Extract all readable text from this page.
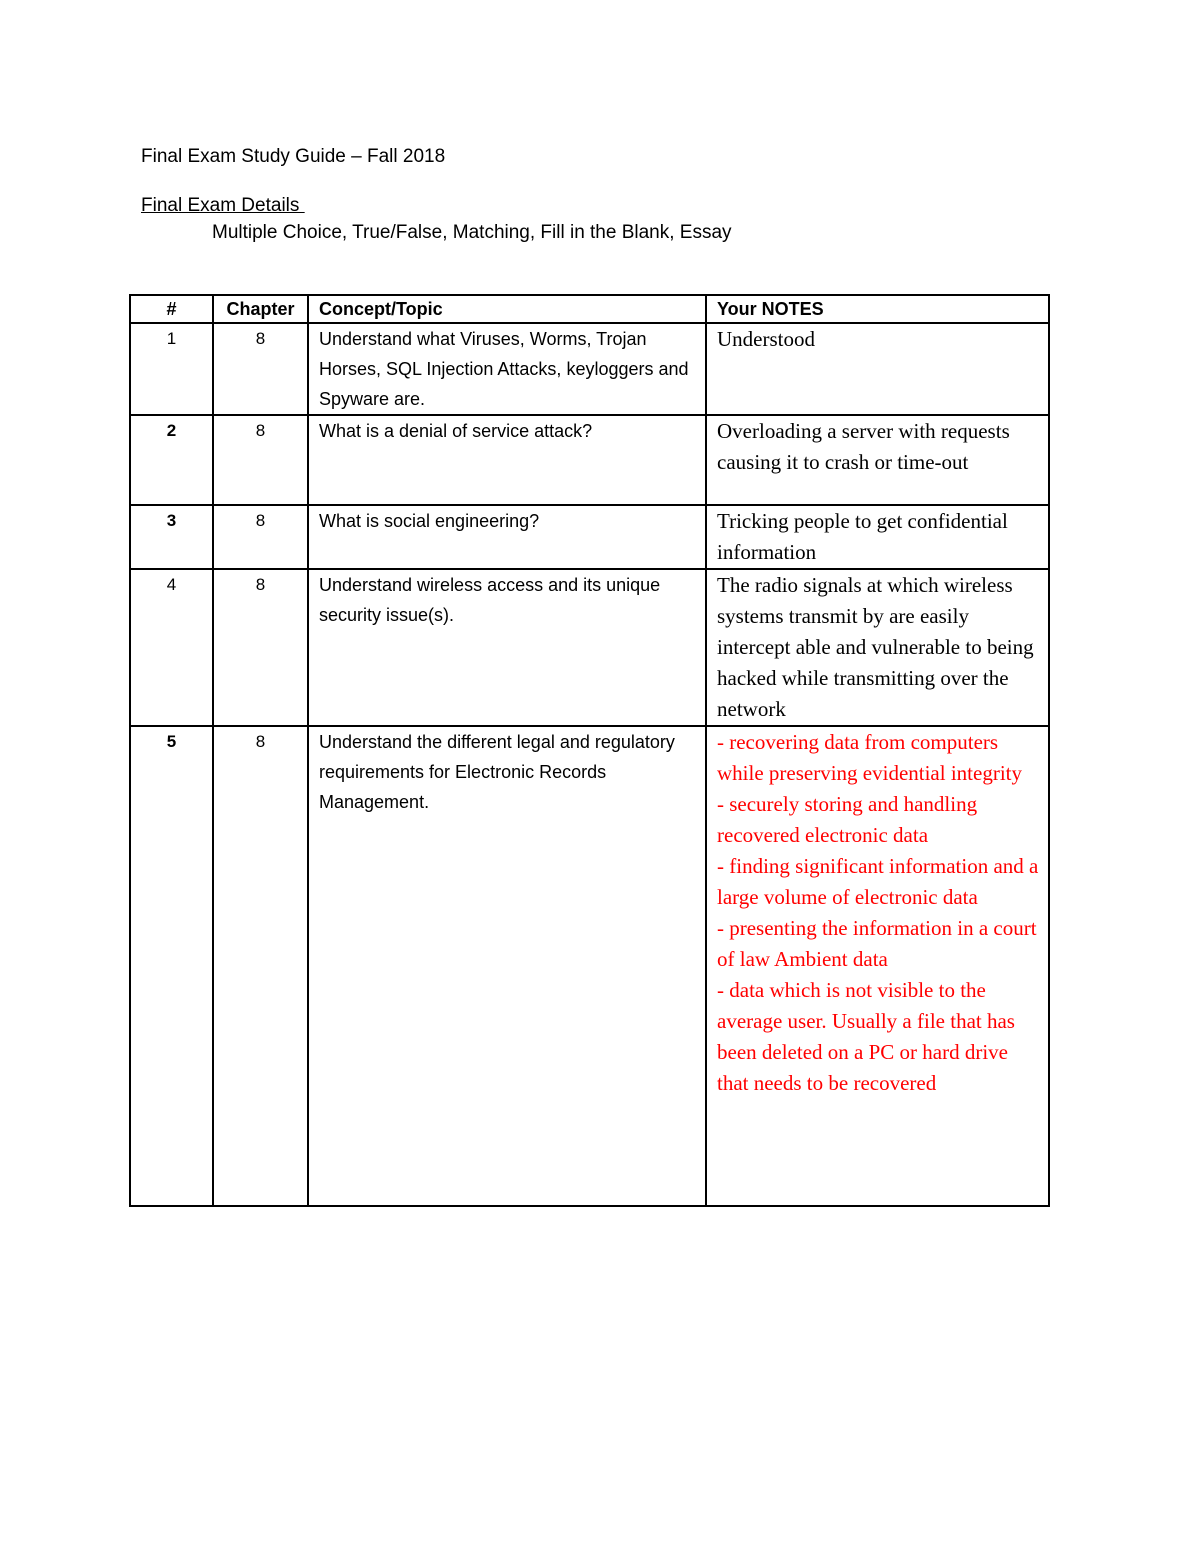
Final Exam Study Guide – Fall 2018
Final Exam Details
Multiple Choice, True/False, Matching, Fill in the Blank, Essay
#	Chapter	Concept/Topic	Your NOTES
1	8	Understand what Viruses, Worms, Trojan Horses, SQL Injection Attacks, keyloggers and Spyware are.	Understood

2	8	What is a denial of service attack?	Overloading a server with requests causing it to crash or time-out

3	8	What is social engineering?	Tricking people to get confidential information

4	8	Understand wireless access and its unique security issue(s).	The radio signals at which wireless systems transmit by are easily intercept able and vulnerable to being hacked while transmitting over the network

5	8	Understand the different legal and regulatory requirements for Electronic Records Management.	- recovering data from computers while preserving evidential integrity
- securely storing and handling recovered electronic data
- finding significant information and a large volume of electronic data
- presenting the information in a court of law Ambient data
- data which is not visible to the average user. Usually a file that has been deleted on a PC or hard drive that needs to be recovered
